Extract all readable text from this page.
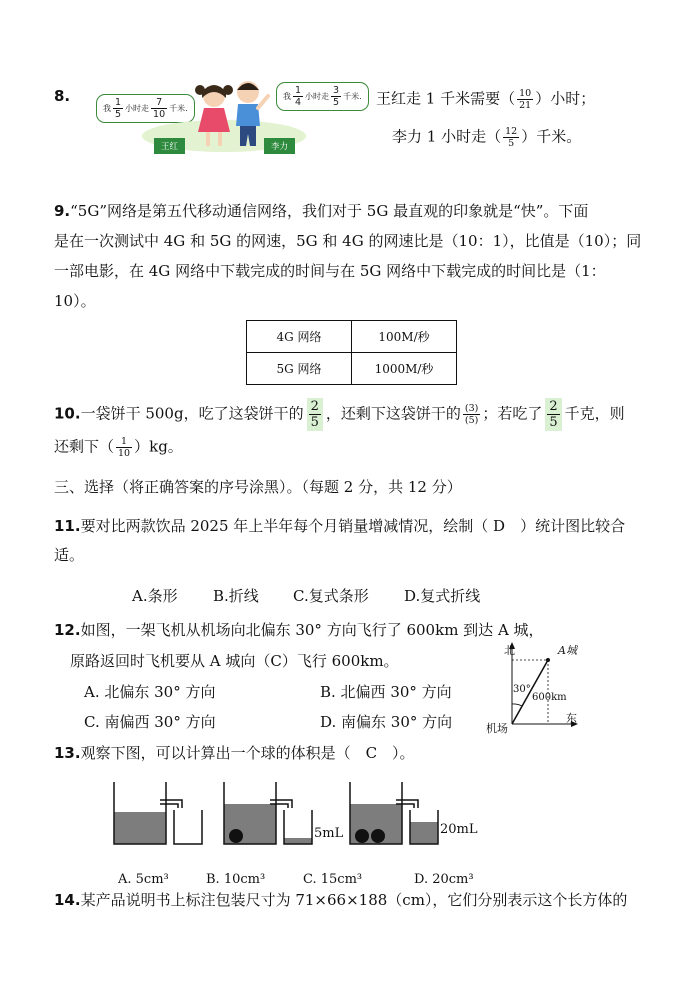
8.
我 $\frac{1}{5}$ 小时走 $\frac{7}{10}$ 千米.
我 $\frac{1}{4}$ 小时走 $\frac{3}{5}$ 千米.
王红	李力
王红走 1 千米需要（ $\frac{10}{21}$ ）小时；
李力 1 小时走（ $\frac{12}{5}$ ）千米。
9.“5G”网络是第五代移动通信网络，我们对于 5G 最直观的印象就是“快”。下面
是在一次测试中 4G 和 5G 的网速，5G 和 4G 的网速比是（10：1），比值是（10）；同
一部电影，在 4G 网络中下载完成的时间与在 5G 网络中下载完成的时间比是（1：
10）。
4G 网络	100M/秒
5G 网络	1000M/秒
10.一袋饼干 500g，吃了这袋饼干的 $\frac{2}{5}$ ，还剩下这袋饼干的 $\frac{(3)}{(5)}$ ；若吃了 $\frac{2}{5}$ 千克，则
还剩下（ $\frac{1}{10} )kg$。
三、选择（将正确答案的序号涂黑）。（每题 2 分，共 12 分）
11.要对比两款饮品 2025 年上半年每个月销量增减情况，绘制（ D　）统计图比较合
适。
A.条形 B.折线 C.复式条形 D.复式折线
12.如图，一架飞机从机场向北偏东 30° 方向飞行了 600km 到达 A 城，
原路返回时飞机要从 A 城向（C）飞行 600km。
A. 北偏东 30° 方向	B. 北偏西 30° 方向
C. 南偏西 30° 方向	D. 南偏东 30° 方向
北	A城
30°
600km
东
机场
13.观察下图，可以计算出一个球的体积是（　C　）。
5mL	20mL
A. 5cm³	B. 10cm³	C. 15cm³	D. 20cm³
14.某产品说明书上标注包装尺寸为 71×66×188（cm），它们分别表示这个长方体的
